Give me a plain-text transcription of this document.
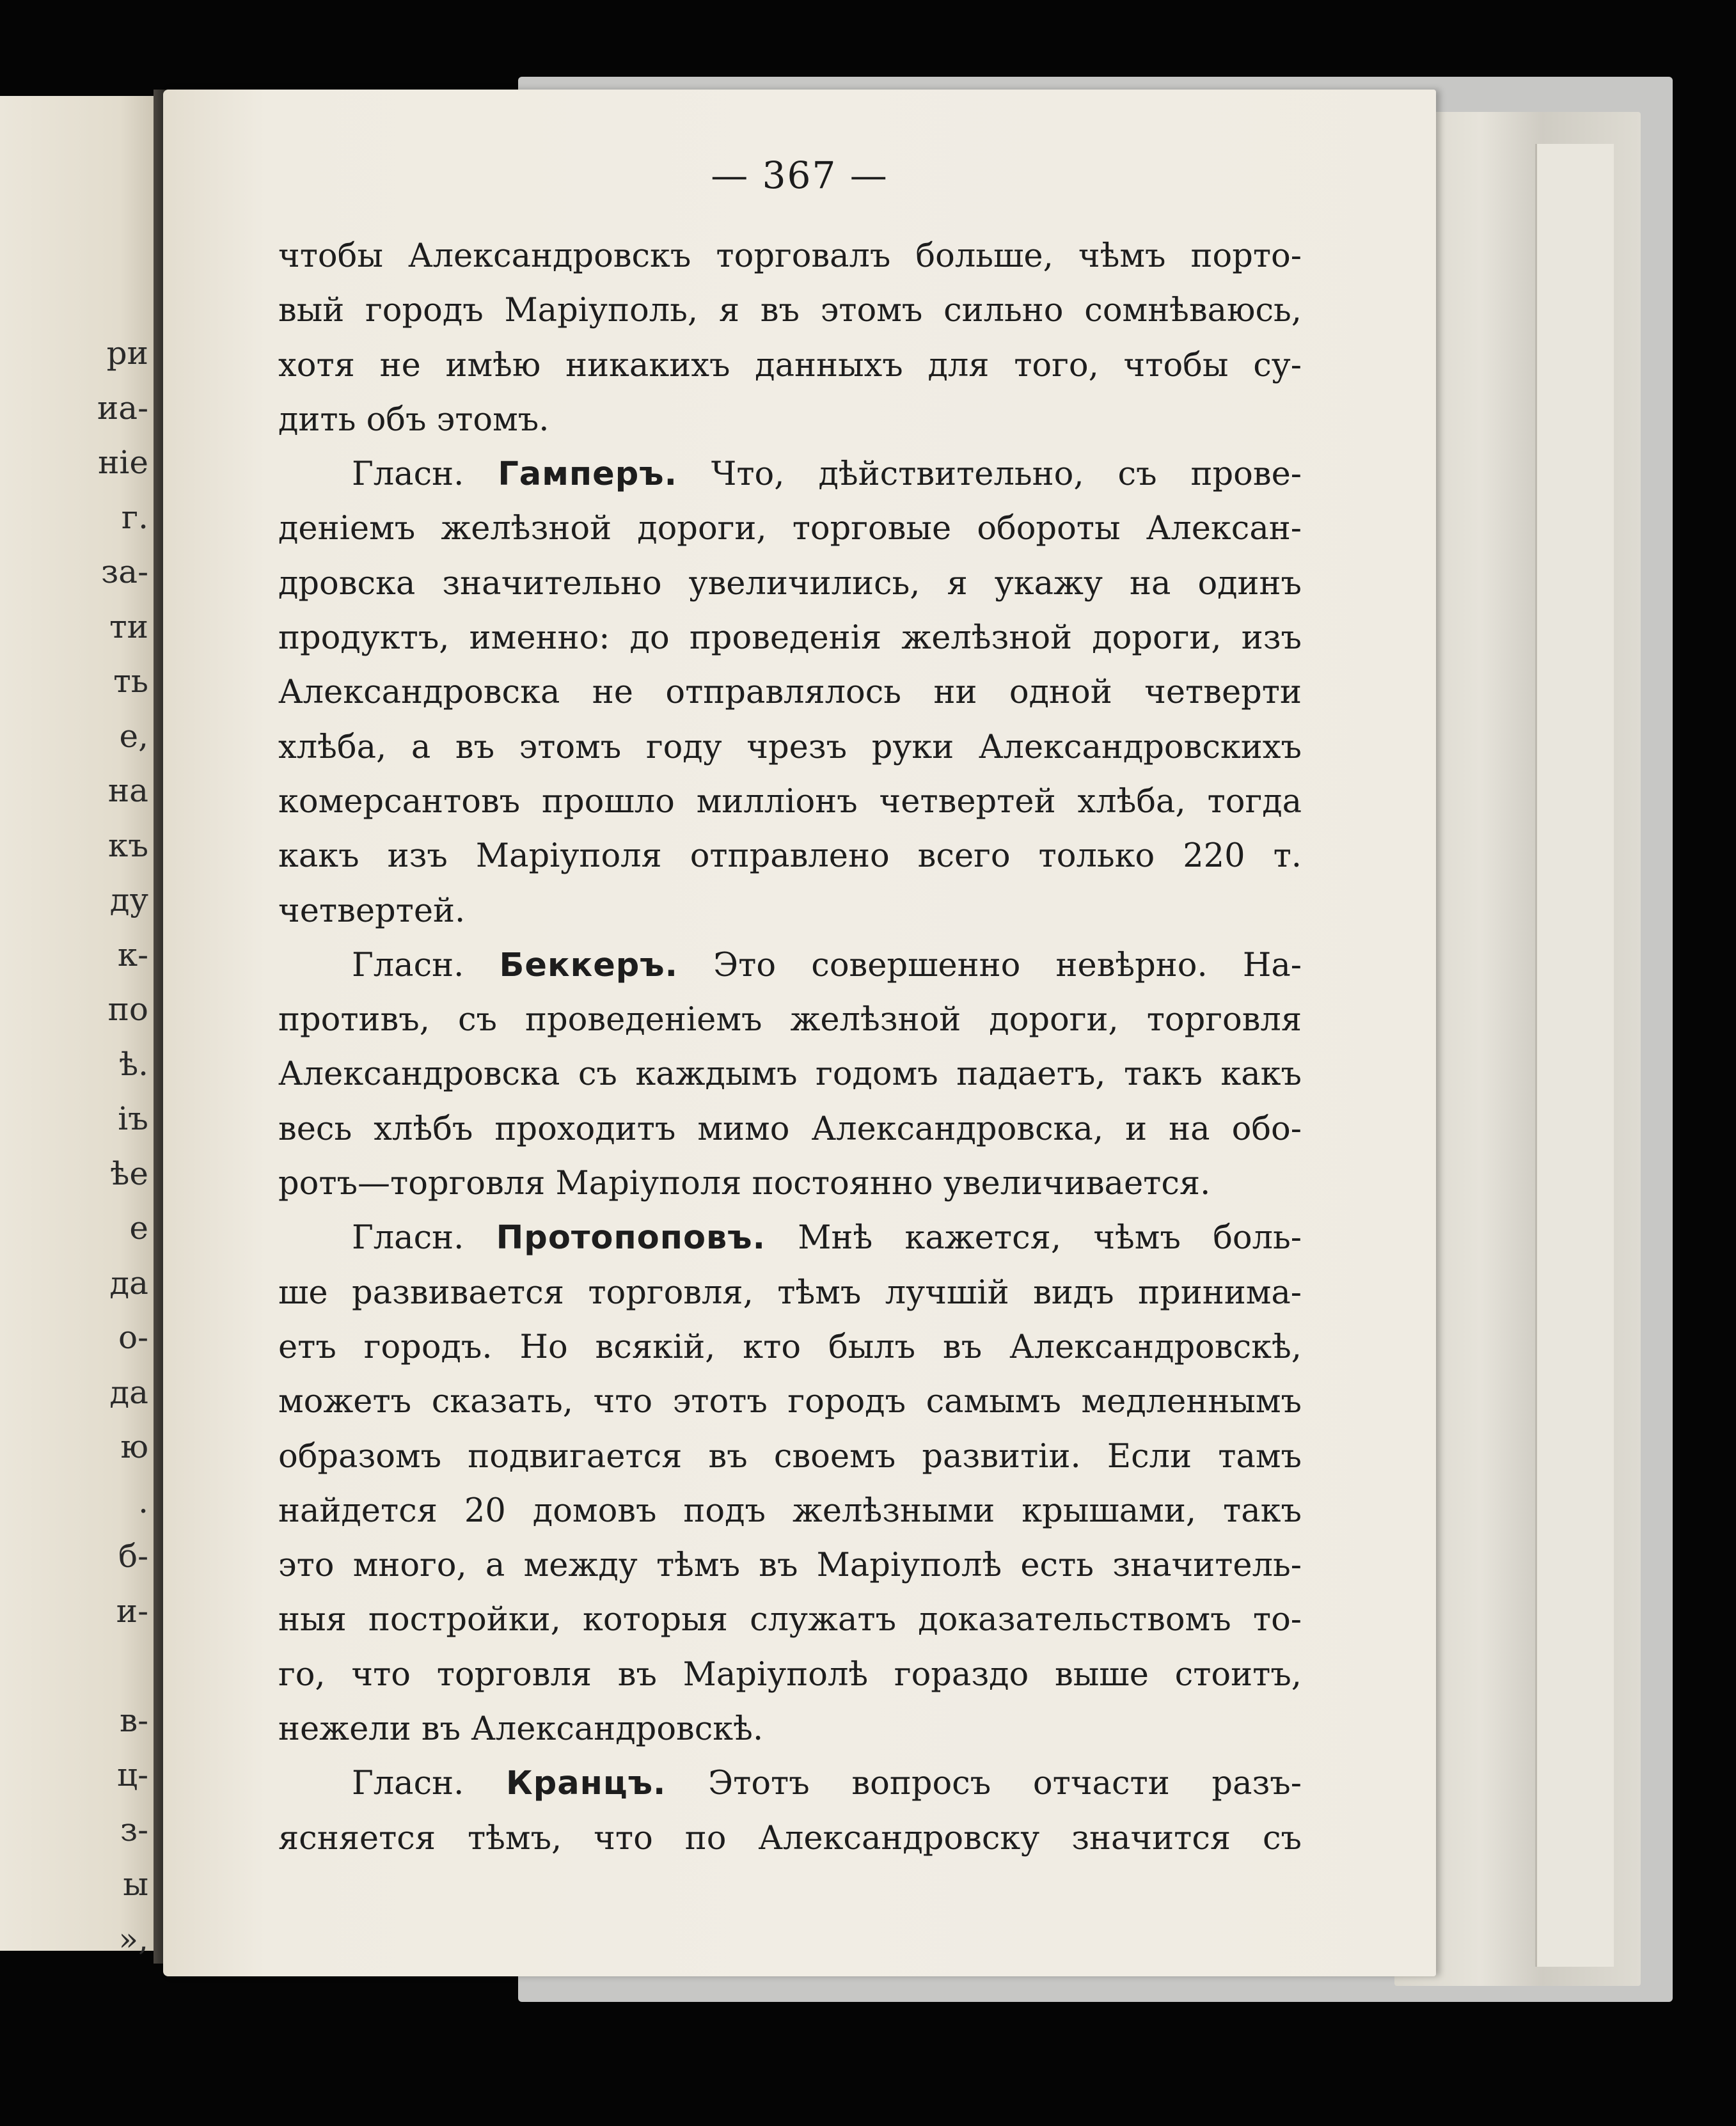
ри
иа-
ніе
г.
за-
ти
ть
е,
на
къ
ду
к-
по
ѣ.
іъ
ѣе
е
да
о-
да
ю
.
б-
и-
в-
ц-
з-
ы
»,
— 367 —
чтобы Александровскъ торговалъ больше, чѣмъ порто-
вый городъ Маріуполь, я въ этомъ сильно сомнѣваюсь,
хотя не имѣю никакихъ данныхъ для того, чтобы су-
дить объ этомъ.
Гласн. Гамперъ. Что, дѣйствительно, съ прове-
деніемъ желѣзной дороги, торговые обороты Алексан-
дровска значительно увеличились, я укажу на одинъ
продуктъ, именно: до проведенія желѣзной дороги, изъ
Александровска не отправлялось ни одной четверти
хлѣба, а въ этомъ году чрезъ руки Александровскихъ
комерсантовъ прошло милліонъ четвертей хлѣба, тогда
какъ изъ Маріуполя отправлено всего только 220 т.
четвертей.
Гласн. Беккеръ. Это совершенно невѣрно. На-
противъ, съ проведеніемъ желѣзной дороги, торговля
Александровска съ каждымъ годомъ падаетъ, такъ какъ
весь хлѣбъ проходитъ мимо Александровска, и на обо-
ротъ—торговля Маріуполя постоянно увеличивается.
Гласн. Протопоповъ. Мнѣ кажется, чѣмъ боль-
ше развивается торговля, тѣмъ лучшій видъ принима-
етъ городъ. Но всякій, кто былъ въ Александровскѣ,
можетъ сказать, что этотъ городъ самымъ медленнымъ
образомъ подвигается въ своемъ развитіи. Если тамъ
найдется 20 домовъ подъ желѣзными крышами, такъ
это много, а между тѣмъ въ Маріуполѣ есть значитель-
ныя постройки, которыя служатъ доказательствомъ то-
го, что торговля въ Маріуполѣ гораздо выше стоитъ,
нежели въ Александровскѣ.
Гласн. Кранцъ. Этотъ вопросъ отчасти разъ-
ясняется тѣмъ, что по Александровску значится съ
